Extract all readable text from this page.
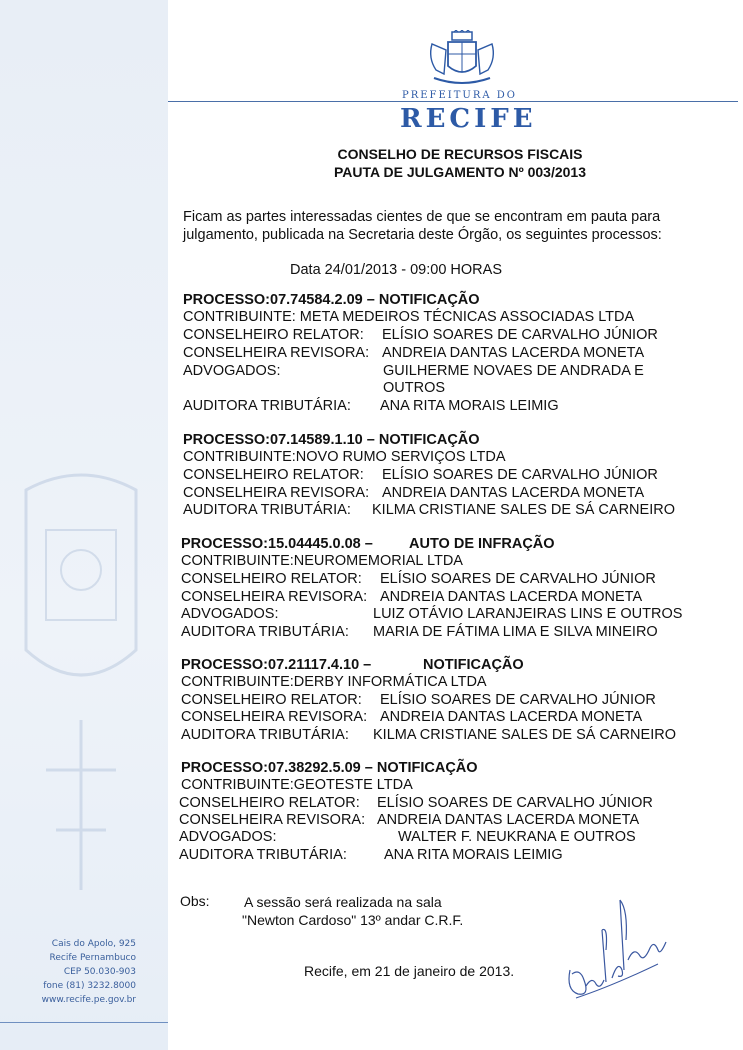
Cais do Apolo, 925
Recife Pernambuco
CEP 50.030-903
fone (81) 3232.8000
www.recife.pe.gov.br
PREFEITURA DO
RECIFE
CONSELHO DE RECURSOS FISCAIS
PAUTA DE JULGAMENTO Nº 003/2013
Ficam as partes interessadas cientes de que se encontram em pauta para julgamento, publicada na Secretaria deste Órgão, os seguintes processos:
Data 24/01/2013 - 09:00 HORAS
PROCESSO:07.74584.2.09 – NOTIFICAÇÃO
CONTRIBUINTE: META MEDEIROS TÉCNICAS ASSOCIADAS LTDA
CONSELHEIRO RELATOR: ELÍSIO SOARES DE CARVALHO JÚNIOR
CONSELHEIRA REVISORA: ANDREIA DANTAS LACERDA MONETA
ADVOGADOS:	GUILHERME NOVAES DE ANDRADA E
OUTROS
AUDITORA TRIBUTÁRIA: ANA RITA MORAIS LEIMIG
PROCESSO:07.14589.1.10 – NOTIFICAÇÃO
CONTRIBUINTE:NOVO RUMO SERVIÇOS LTDA
CONSELHEIRO RELATOR: ELÍSIO SOARES DE CARVALHO JÚNIOR
CONSELHEIRA REVISORA: ANDREIA DANTAS LACERDA MONETA
AUDITORA TRIBUTÁRIA: KILMA CRISTIANE SALES DE SÁ CARNEIRO
PROCESSO:15.04445.0.08 – AUTO DE INFRAÇÃO
CONTRIBUINTE:NEUROMEMORIAL LTDA
CONSELHEIRO RELATOR: ELÍSIO SOARES DE CARVALHO JÚNIOR
CONSELHEIRA REVISORA: ANDREIA DANTAS LACERDA MONETA
ADVOGADOS:	LUIZ OTÁVIO LARANJEIRAS LINS E OUTROS
AUDITORA TRIBUTÁRIA: MARIA DE FÁTIMA LIMA E SILVA MINEIRO
PROCESSO:07.21117.4.10 –	NOTIFICAÇÃO
CONTRIBUINTE:DERBY INFORMÁTICA LTDA
CONSELHEIRO RELATOR: ELÍSIO SOARES DE CARVALHO JÚNIOR
CONSELHEIRA REVISORA: ANDREIA DANTAS LACERDA MONETA
AUDITORA TRIBUTÁRIA: KILMA CRISTIANE SALES DE SÁ CARNEIRO
PROCESSO:07.38292.5.09 – NOTIFICAÇÃO
CONTRIBUINTE:GEOTESTE LTDA
CONSELHEIRO RELATOR: ELÍSIO SOARES DE CARVALHO JÚNIOR
CONSELHEIRA REVISORA: ANDREIA DANTAS LACERDA MONETA
ADVOGADOS:	WALTER F. NEUKRANA E OUTROS
AUDITORA TRIBUTÁRIA:	ANA RITA MORAIS LEIMIG
Obs: A sessão será realizada na sala
"Newton Cardoso" 13º andar C.R.F.
Recife, em 21 de janeiro de 2013.
